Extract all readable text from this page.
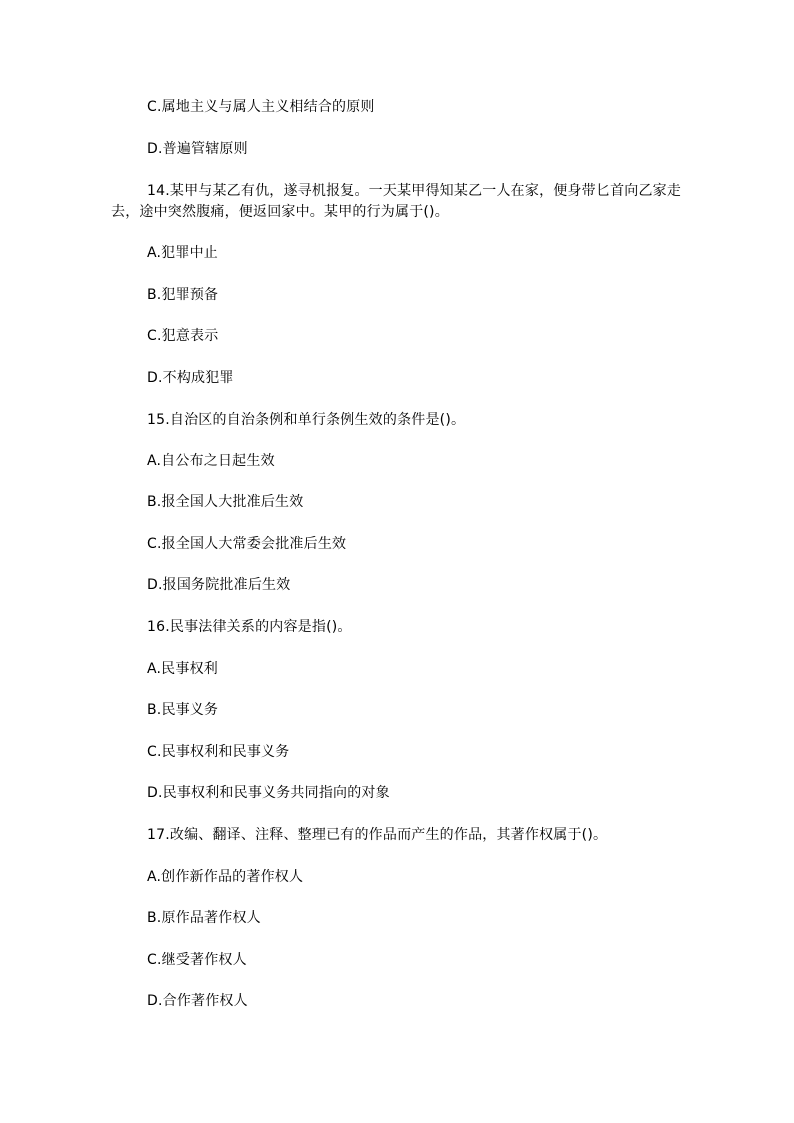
C.属地主义与属人主义相结合的原则
D.普遍管辖原则
14.某甲与某乙有仇，遂寻机报复。一天某甲得知某乙一人在家，便身带匕首向乙家走
去，途中突然腹痛，便返回家中。某甲的行为属于()。
A.犯罪中止
B.犯罪预备
C.犯意表示
D.不构成犯罪
15.自治区的自治条例和单行条例生效的条件是()。
A.自公布之日起生效
B.报全国人大批准后生效
C.报全国人大常委会批准后生效
D.报国务院批准后生效
16.民事法律关系的内容是指()。
A.民事权利
B.民事义务
C.民事权利和民事义务
D.民事权利和民事义务共同指向的对象
17.改编、翻译、注释、整理已有的作品而产生的作品，其著作权属于()。
A.创作新作品的著作权人
B.原作品著作权人
C.继受著作权人
D.合作著作权人
